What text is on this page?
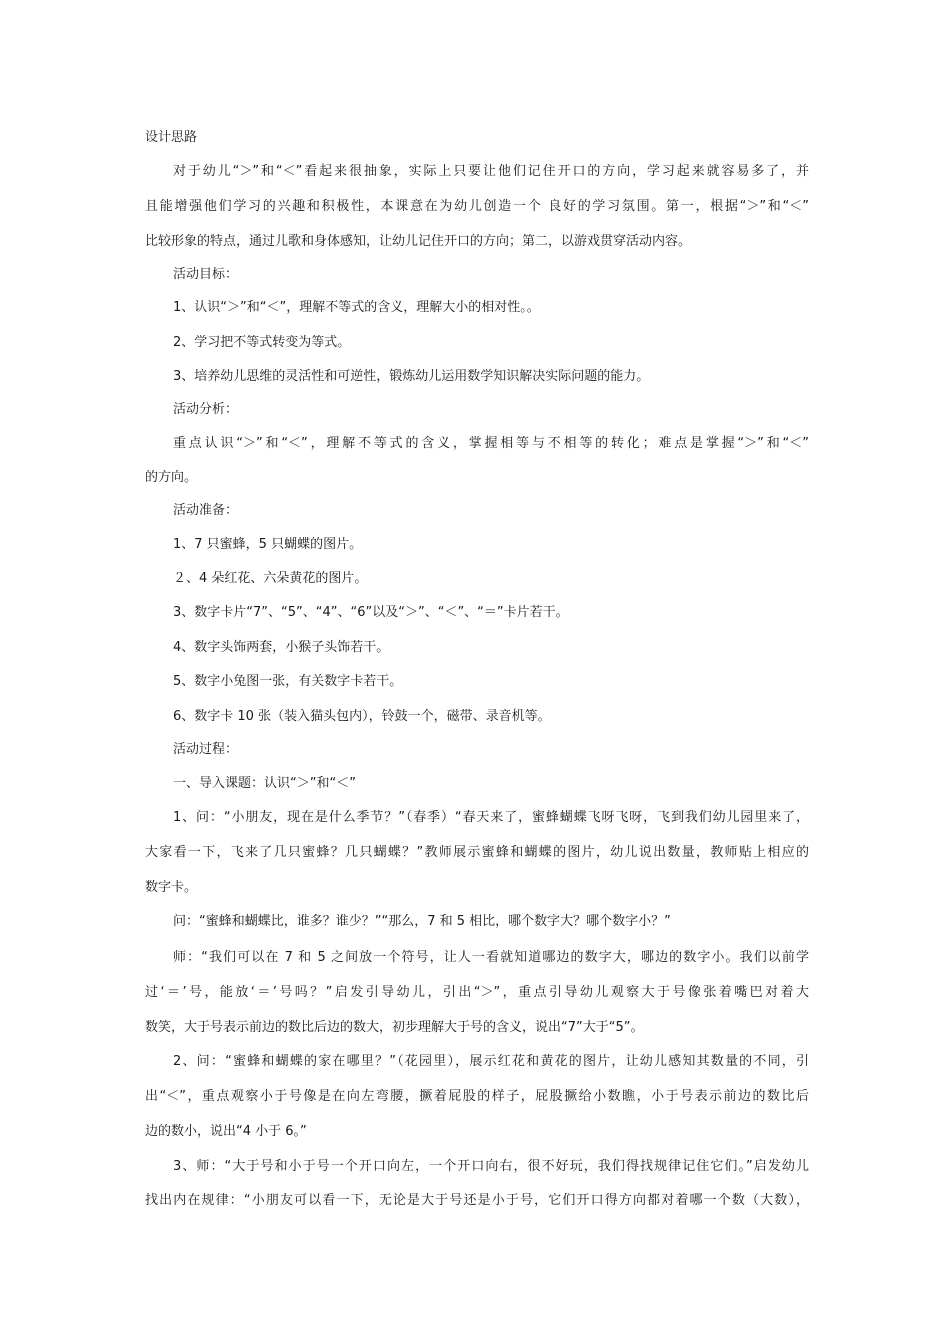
设计思路
对于幼儿“＞”和“＜”看起来很抽象，实际上只要让他们记住开口的方向，学习起来就容易多了，并
且能增强他们学习的兴趣和积极性，本课意在为幼儿创造一个 良好的学习氛围。第一，根据“＞”和“＜”
比较形象的特点，通过儿歌和身体感知，让幼儿记住开口的方向；第二，以游戏贯穿活动内容。
活动目标：
1、认识“＞”和“＜”，理解不等式的含义，理解大小的相对性。。
2、学习把不等式转变为等式。
3、培养幼儿思维的灵活性和可逆性，锻炼幼儿运用数学知识解决实际问题的能力。
活动分析：
重点认识“＞”和“＜”，理解不等式的含义，掌握相等与不相等的转化；难点是掌握“＞”和“＜”
的方向。
活动准备：
1、7 只蜜蜂，5 只蝴蝶的图片。
２、4 朵红花、六朵黄花的图片。
3、数字卡片“7”、“5”、“4”、“6”以及“＞”、“＜”、“＝”卡片若干。
4、数字头饰两套，小猴子头饰若干。
5、数字小兔图一张，有关数字卡若干。
6、数字卡 10 张（装入猫头包内），铃鼓一个，磁带、录音机等。
活动过程：
一、导入课题：认识“＞”和“＜”
1、问：“小朋友，现在是什么季节？”（春季）“春天来了，蜜蜂蝴蝶飞呀飞呀，飞到我们幼儿园里来了，
大家看一下，飞来了几只蜜蜂？几只蝴蝶？”教师展示蜜蜂和蝴蝶的图片，幼儿说出数量，教师贴上相应的
数字卡。
问：“蜜蜂和蝴蝶比，谁多？谁少？”“那么，7 和 5 相比，哪个数字大？哪个数字小？”
师：“我们可以在 7 和 5 之间放一个符号，让人一看就知道哪边的数字大，哪边的数字小。我们以前学
过‘＝’号，能放‘＝’号吗？”启发引导幼儿，引出“＞”，重点引导幼儿观察大于号像张着嘴巴对着大
数笑，大于号表示前边的数比后边的数大，初步理解大于号的含义，说出“7”大于“5”。
2、问：“蜜蜂和蝴蝶的家在哪里？”（花园里），展示红花和黄花的图片，让幼儿感知其数量的不同，引
出“＜”，重点观察小于号像是在向左弯腰，撅着屁股的样子，屁股撅给小数瞧，小于号表示前边的数比后
边的数小，说出“4 小于 6。”
3、师：“大于号和小于号一个开口向左，一个开口向右，很不好玩，我们得找规律记住它们。”启发幼儿
找出内在规律：“小朋友可以看一下，无论是大于号还是小于号，它们开口得方向都对着哪一个数（大数），
